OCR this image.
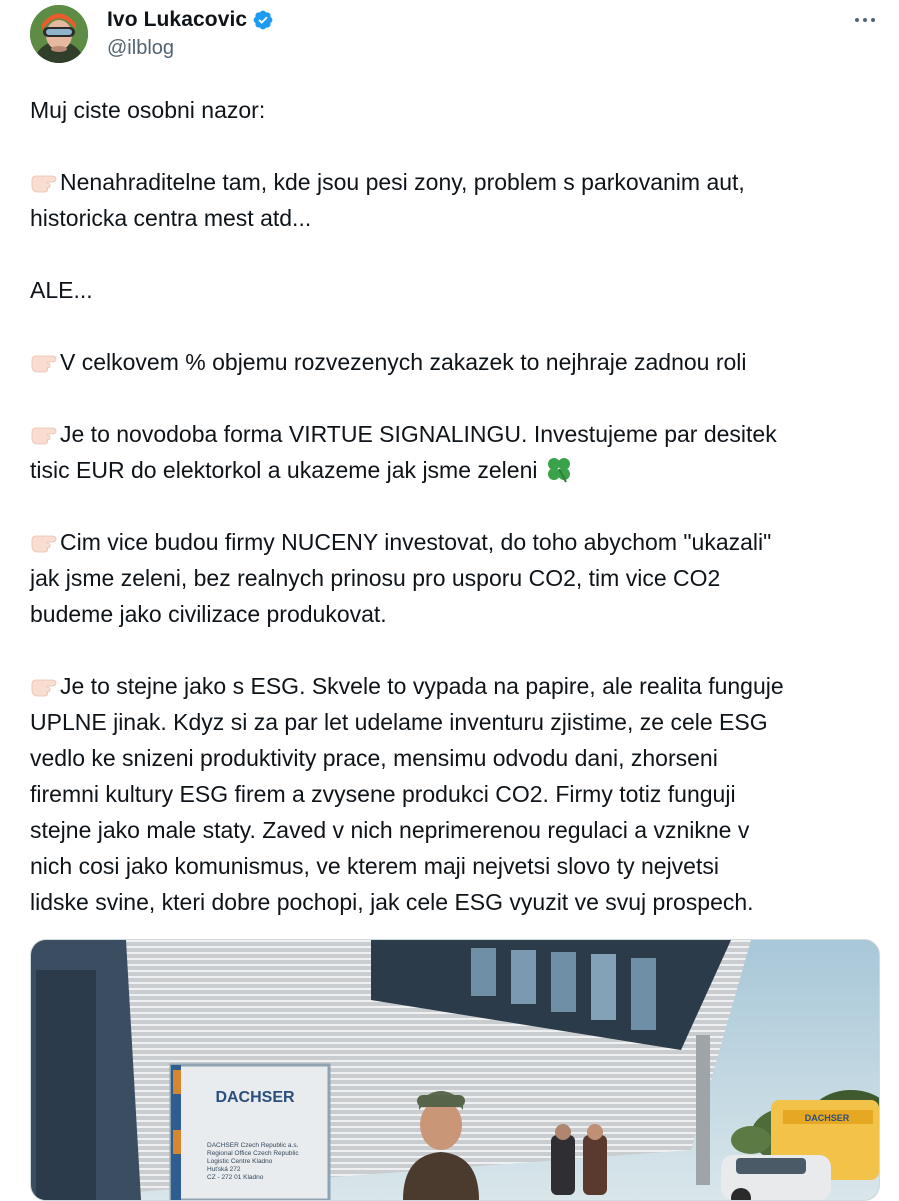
Ivo Lukacovic
@ilblog

Muj ciste osobni nazor:

Nenahraditelne tam, kde jsou pesi zony, problem s parkovanim aut,

historicka centra mest atd...

ALE...

V celkovem % objemu rozvezenych zakazek to nejhraje zadnou roli

Je to novodoba forma VIRTUE SIGNALINGU. Investujeme par desitek

tisic EUR do elektorkol a ukazeme jak jsme zeleni

Cim vice budou firmy NUCENY investovat, do toho abychom "ukazali"

jak jsme zeleni, bez realnych prinosu pro usporu CO2, tim vice CO2

budeme jako civilizace produkovat.

Je to stejne jako s ESG. Skvele to vypada na papire, ale realita funguje

UPLNE jinak. Kdyz si za par let udelame inventuru zjistime, ze cele ESG

vedlo ke snizeni produktivity prace, mensimu odvodu dani, zhorseni

firemni kultury ESG firem a zvysene produkci CO2. Firmy totiz funguji

stejne jako male staty. Zaved v nich neprimerenou regulaci a vznikne v

nich cosi jako komunismus, ve kterem maji nejvetsi slovo ty nejvetsi

lidske svine, kteri dobre pochopi, jak cele ESG vyuzit ve svuj prospech.

DACHSER
DACHSER Czech Republic a.s.
Regional Office Czech Republic
Logistic Centre Kladno
Huťská 272
CZ - 272 01 Kladno
DACHSER
